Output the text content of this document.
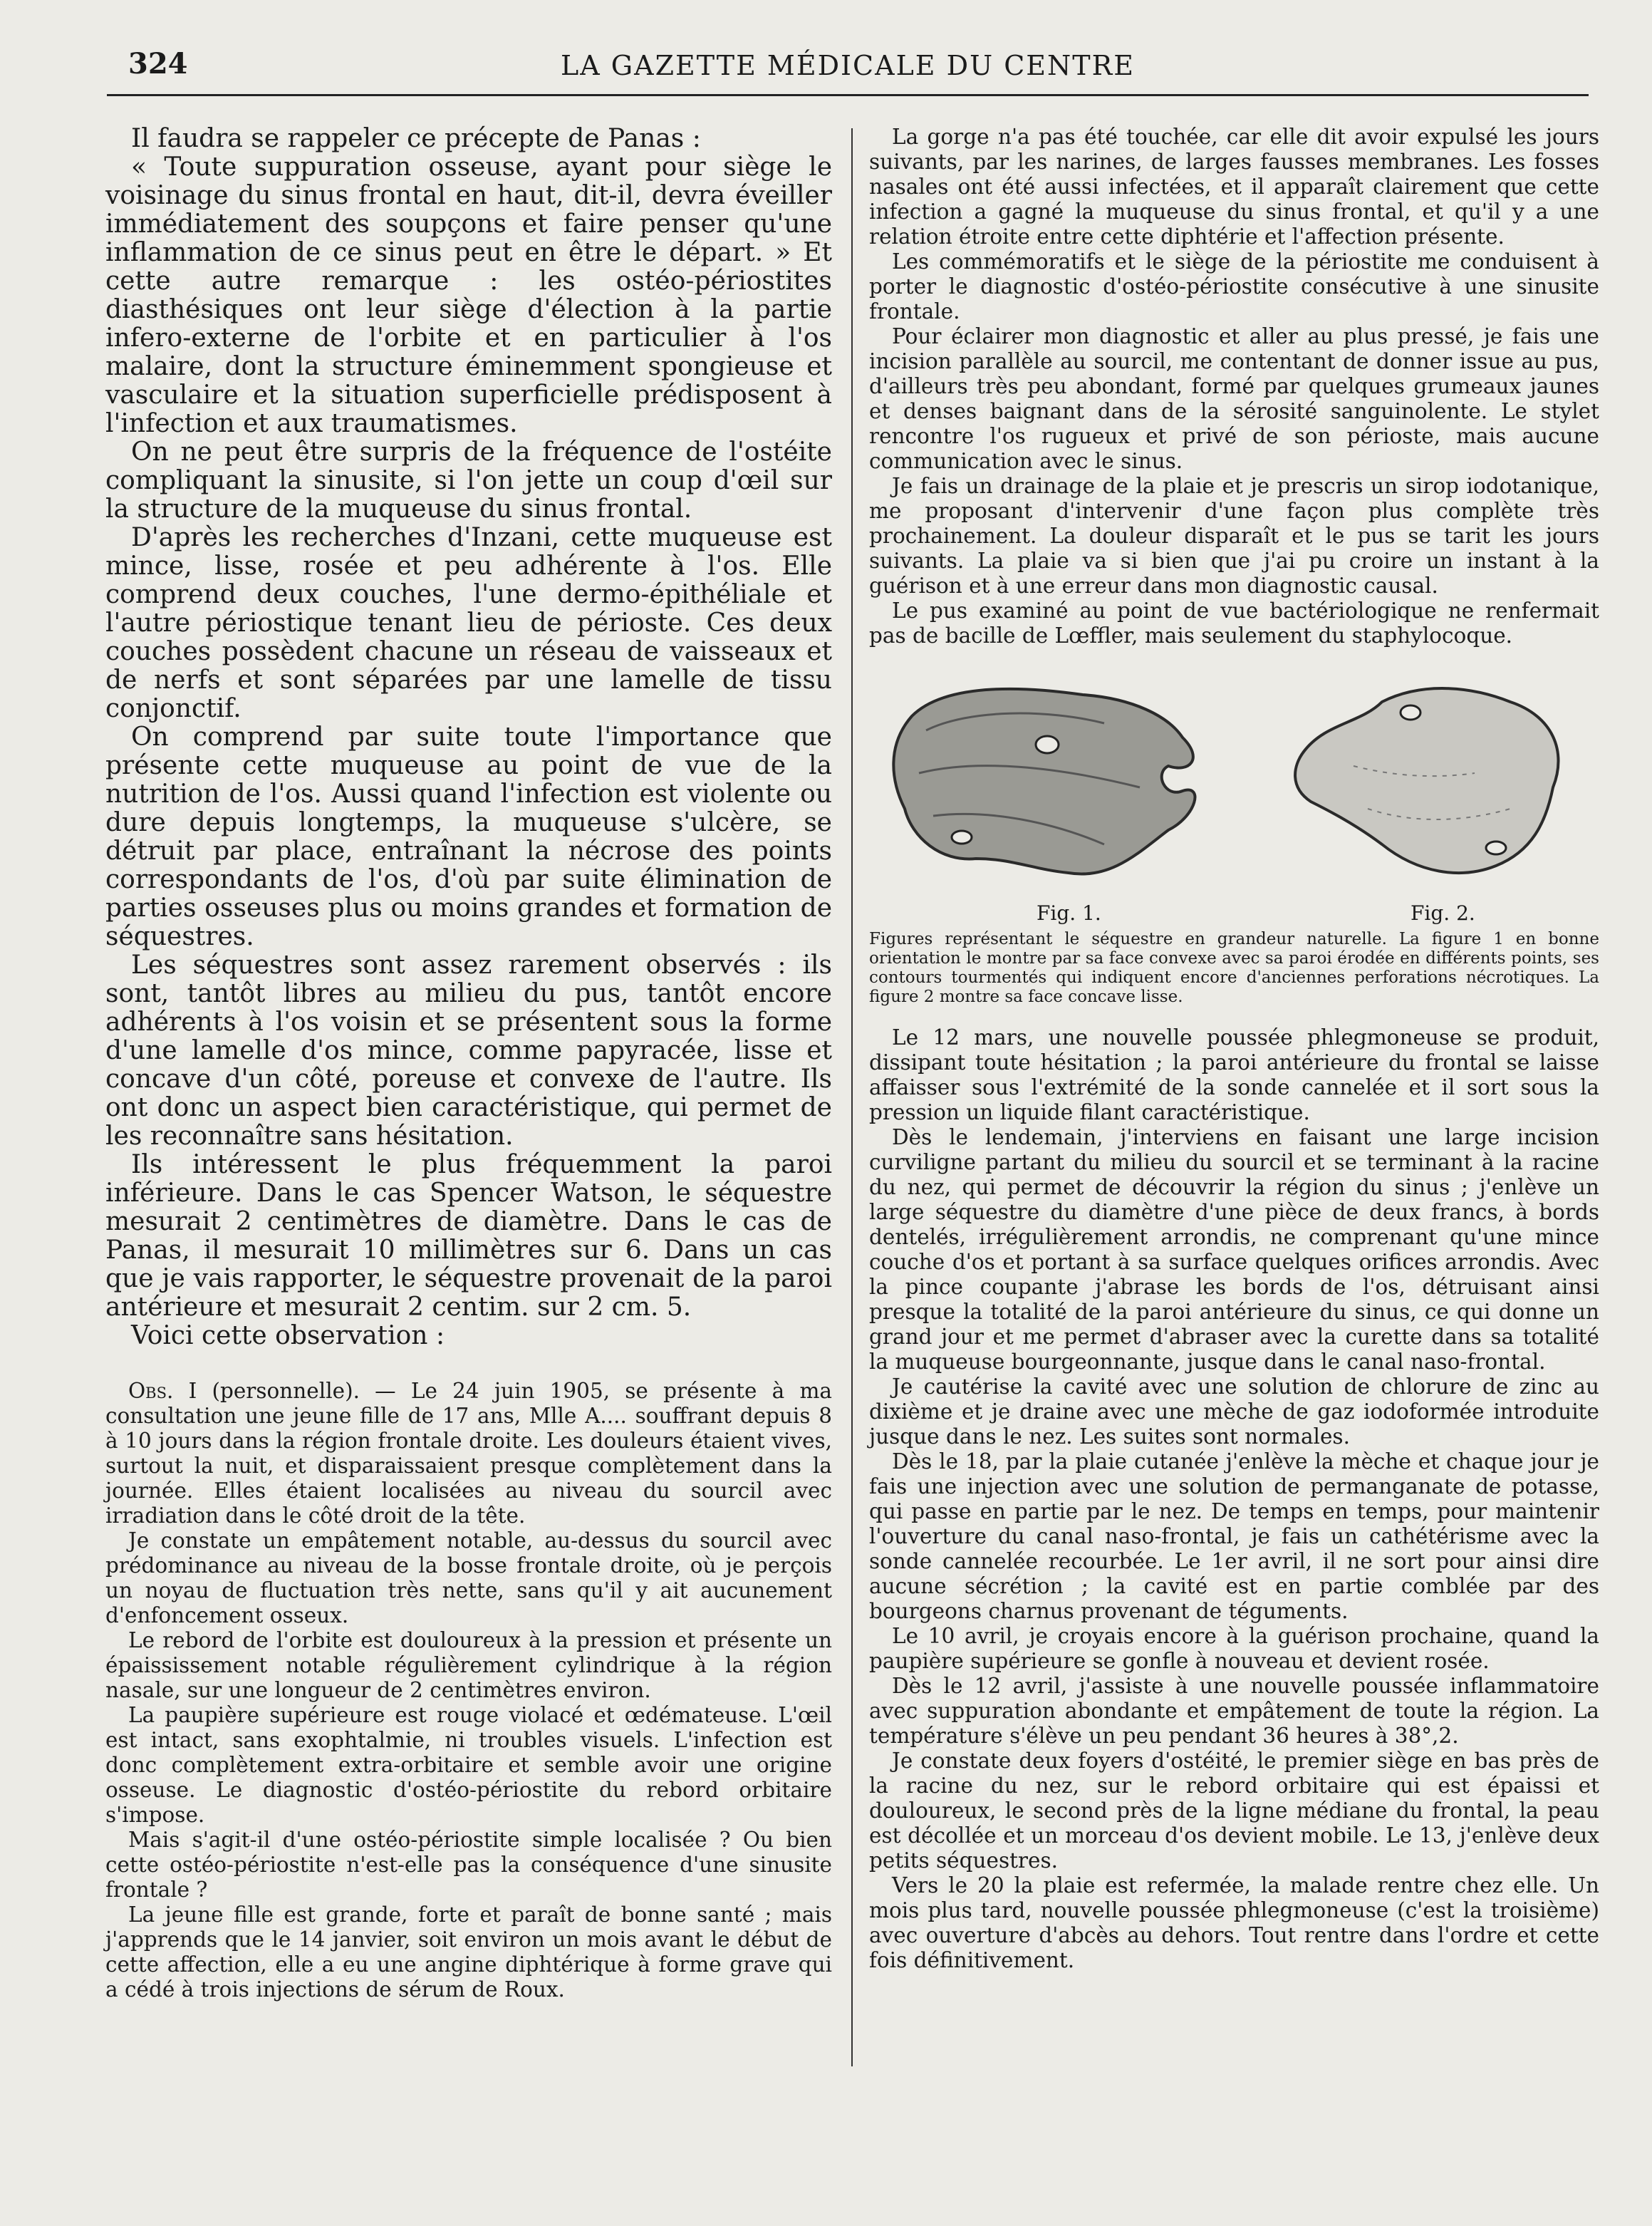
324	LA GAZETTE MÉDICALE DU CENTRE

Il faudra se rappeler ce précepte de Panas :

« Toute suppuration osseuse, ayant pour siège le voisinage du sinus frontal en haut, dit-il, devra éveiller immédiatement des soupçons et faire penser qu'une inflammation de ce sinus peut en être le départ. » Et cette autre remarque : les ostéo-périostites diasthésiques ont leur siège d'élection à la partie infero-externe de l'orbite et en particulier à l'os malaire, dont la structure éminemment spongieuse et vasculaire et la situation superficielle prédisposent à l'infection et aux traumatismes.

On ne peut être surpris de la fréquence de l'ostéite compliquant la sinusite, si l'on jette un coup d'œil sur la structure de la muqueuse du sinus frontal.

D'après les recherches d'Inzani, cette muqueuse est mince, lisse, rosée et peu adhérente à l'os. Elle comprend deux couches, l'une dermo-épithéliale et l'autre périostique tenant lieu de périoste. Ces deux couches possèdent chacune un réseau de vaisseaux et de nerfs et sont séparées par une lamelle de tissu conjonctif.

On comprend par suite toute l'importance que présente cette muqueuse au point de vue de la nutrition de l'os. Aussi quand l'infection est violente ou dure depuis longtemps, la muqueuse s'ulcère, se détruit par place, entraînant la nécrose des points correspondants de l'os, d'où par suite élimination de parties osseuses plus ou moins grandes et formation de séquestres.

Les séquestres sont assez rarement observés : ils sont, tantôt libres au milieu du pus, tantôt encore adhérents à l'os voisin et se présentent sous la forme d'une lamelle d'os mince, comme papyracée, lisse et concave d'un côté, poreuse et convexe de l'autre. Ils ont donc un aspect bien caractéristique, qui permet de les reconnaître sans hésitation.

Ils intéressent le plus fréquemment la paroi inférieure. Dans le cas Spencer Watson, le séquestre mesurait 2 centimètres de diamètre. Dans le cas de Panas, il mesurait 10 millimètres sur 6. Dans un cas que je vais rapporter, le séquestre provenait de la paroi antérieure et mesurait 2 centim. sur 2 cm. 5.

Voici cette observation :

Obs. I (personnelle). — Le 24 juin 1905, se présente à ma consultation une jeune fille de 17 ans, Mlle A.... souffrant depuis 8 à 10 jours dans la région frontale droite. Les douleurs étaient vives, surtout la nuit, et disparaissaient presque complètement dans la journée. Elles étaient localisées au niveau du sourcil avec irradiation dans le côté droit de la tête.

Je constate un empâtement notable, au-dessus du sourcil avec prédominance au niveau de la bosse frontale droite, où je perçois un noyau de fluctuation très nette, sans qu'il y ait aucunement d'enfoncement osseux.

Le rebord de l'orbite est douloureux à la pression et présente un épaississement notable régulièrement cylindrique à la région nasale, sur une longueur de 2 centimètres environ.

La paupière supérieure est rouge violacé et œdémateuse. L'œil est intact, sans exophtalmie, ni troubles visuels. L'infection est donc complètement extra-orbitaire et semble avoir une origine osseuse. Le diagnostic d'ostéo-périostite du rebord orbitaire s'impose.

Mais s'agit-il d'une ostéo-périostite simple localisée ? Ou bien cette ostéo-périostite n'est-elle pas la conséquence d'une sinusite frontale ?

La jeune fille est grande, forte et paraît de bonne santé ; mais j'apprends que le 14 janvier, soit environ un mois avant le début de cette affection, elle a eu une angine diphtérique à forme grave qui a cédé à trois injections de sérum de Roux.

La gorge n'a pas été touchée, car elle dit avoir expulsé les jours suivants, par les narines, de larges fausses membranes. Les fosses nasales ont été aussi infectées, et il apparaît clairement que cette infection a gagné la muqueuse du sinus frontal, et qu'il y a une relation étroite entre cette diphtérie et l'affection présente.

Les commémoratifs et le siège de la périostite me conduisent à porter le diagnostic d'ostéo-périostite consécutive à une sinusite frontale.

Pour éclairer mon diagnostic et aller au plus pressé, je fais une incision parallèle au sourcil, me contentant de donner issue au pus, d'ailleurs très peu abondant, formé par quelques grumeaux jaunes et denses baignant dans de la sérosité sanguinolente. Le stylet rencontre l'os rugueux et privé de son périoste, mais aucune communication avec le sinus.

Je fais un drainage de la plaie et je prescris un sirop iodotanique, me proposant d'intervenir d'une façon plus complète très prochainement. La douleur disparaît et le pus se tarit les jours suivants. La plaie va si bien que j'ai pu croire un instant à la guérison et à une erreur dans mon diagnostic causal.

Le pus examiné au point de vue bactériologique ne renfermait pas de bacille de Lœffler, mais seulement du staphylocoque.

Fig. 1.	Fig. 2.

Figures représentant le séquestre en grandeur naturelle. La figure 1 en bonne orientation le montre par sa face convexe avec sa paroi érodée en différents points, ses contours tourmentés qui indiquent encore d'anciennes perforations nécrotiques. La figure 2 montre sa face concave lisse.

Le 12 mars, une nouvelle poussée phlegmoneuse se produit, dissipant toute hésitation ; la paroi antérieure du frontal se laisse affaisser sous l'extrémité de la sonde cannelée et il sort sous la pression un liquide filant caractéristique.

Dès le lendemain, j'interviens en faisant une large incision curviligne partant du milieu du sourcil et se terminant à la racine du nez, qui permet de découvrir la région du sinus ; j'enlève un large séquestre du diamètre d'une pièce de deux francs, à bords dentelés, irrégulièrement arrondis, ne comprenant qu'une mince couche d'os et portant à sa surface quelques orifices arrondis. Avec la pince coupante j'abrase les bords de l'os, détruisant ainsi presque la totalité de la paroi antérieure du sinus, ce qui donne un grand jour et me permet d'abraser avec la curette dans sa totalité la muqueuse bourgeonnante, jusque dans le canal naso-frontal.

Je cautérise la cavité avec une solution de chlorure de zinc au dixième et je draine avec une mèche de gaz iodoformée introduite jusque dans le nez. Les suites sont normales.

Dès le 18, par la plaie cutanée j'enlève la mèche et chaque jour je fais une injection avec une solution de permanganate de potasse, qui passe en partie par le nez. De temps en temps, pour maintenir l'ouverture du canal naso-frontal, je fais un cathétérisme avec la sonde cannelée recourbée. Le 1er avril, il ne sort pour ainsi dire aucune sécrétion ; la cavité est en partie comblée par des bourgeons charnus provenant de téguments.

Le 10 avril, je croyais encore à la guérison prochaine, quand la paupière supérieure se gonfle à nouveau et devient rosée.

Dès le 12 avril, j'assiste à une nouvelle poussée inflammatoire avec suppuration abondante et empâtement de toute la région. La température s'élève un peu pendant 36 heures à 38°,2.

Je constate deux foyers d'ostéité, le premier siège en bas près de la racine du nez, sur le rebord orbitaire qui est épaissi et douloureux, le second près de la ligne médiane du frontal, la peau est décollée et un morceau d'os devient mobile. Le 13, j'enlève deux petits séquestres.

Vers le 20 la plaie est refermée, la malade rentre chez elle. Un mois plus tard, nouvelle poussée phlegmoneuse (c'est la troisième) avec ouverture d'abcès au dehors. Tout rentre dans l'ordre et cette fois définitivement.
